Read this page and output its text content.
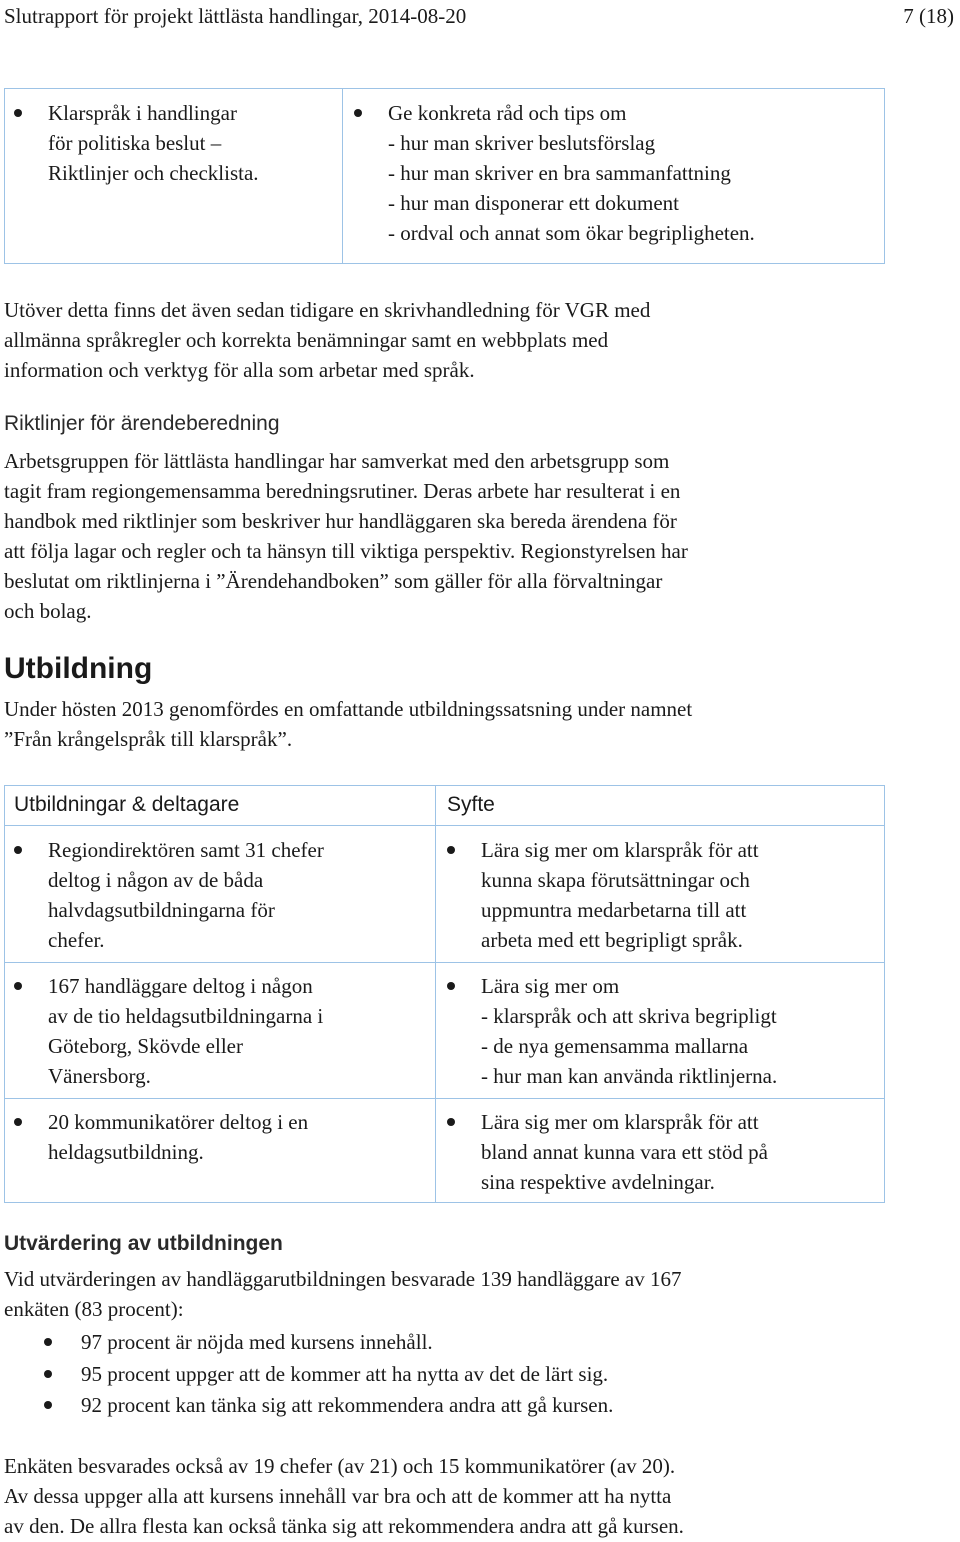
Slutrapport för projekt lättlästa handlingar, 2014-08-20	7 (18)
Klarspråk i handlingar
för politiska beslut –
Riktlinjer och checklista.
Ge konkreta råd och tips om
- hur man skriver beslutsförslag
- hur man skriver en bra sammanfattning
- hur man disponerar ett dokument
- ordval och annat som ökar begripligheten.
Utöver detta finns det även sedan tidigare en skrivhandledning för VGR med
allmänna språkregler och korrekta benämningar samt en webbplats med
information och verktyg för alla som arbetar med språk.
Riktlinjer för ärendeberedning
Arbetsgruppen för lättlästa handlingar har samverkat med den arbetsgrupp som
tagit fram regiongemensamma beredningsrutiner. Deras arbete har resulterat i en
handbok med riktlinjer som beskriver hur handläggaren ska bereda ärendena för
att följa lagar och regler och ta hänsyn till viktiga perspektiv. Regionstyrelsen har
beslutat om riktlinjerna i ”Ärendehandboken” som gäller för alla förvaltningar
och bolag.
Utbildning
Under hösten 2013 genomfördes en omfattande utbildningssatsning under namnet
”Från krångelspråk till klarspråk”.
Utbildningar & deltagare	Syfte
Regiondirektören samt 31 chefer
deltog i någon av de båda
halvdagsutbildningarna för
chefer.
Lära sig mer om klarspråk för att
kunna skapa förutsättningar och
uppmuntra medarbetarna till att
arbeta med ett begripligt språk.
167 handläggare deltog i någon
av de tio heldagsutbildningarna i
Göteborg, Skövde eller
Vänersborg.
Lära sig mer om
- klarspråk och att skriva begripligt
- de nya gemensamma mallarna
- hur man kan använda riktlinjerna.
20 kommunikatörer deltog i en
heldagsutbildning.
Lära sig mer om klarspråk för att
bland annat kunna vara ett stöd på
sina respektive avdelningar.
Utvärdering av utbildningen
Vid utvärderingen av handläggarutbildningen besvarade 139 handläggare av 167
enkäten (83 procent):
97 procent är nöjda med kursens innehåll.
95 procent uppger att de kommer att ha nytta av det de lärt sig.
92 procent kan tänka sig att rekommendera andra att gå kursen.
Enkäten besvarades också av 19 chefer (av 21) och 15 kommunikatörer (av 20).
Av dessa uppger alla att kursens innehåll var bra och att de kommer att ha nytta
av den. De allra flesta kan också tänka sig att rekommendera andra att gå kursen.
